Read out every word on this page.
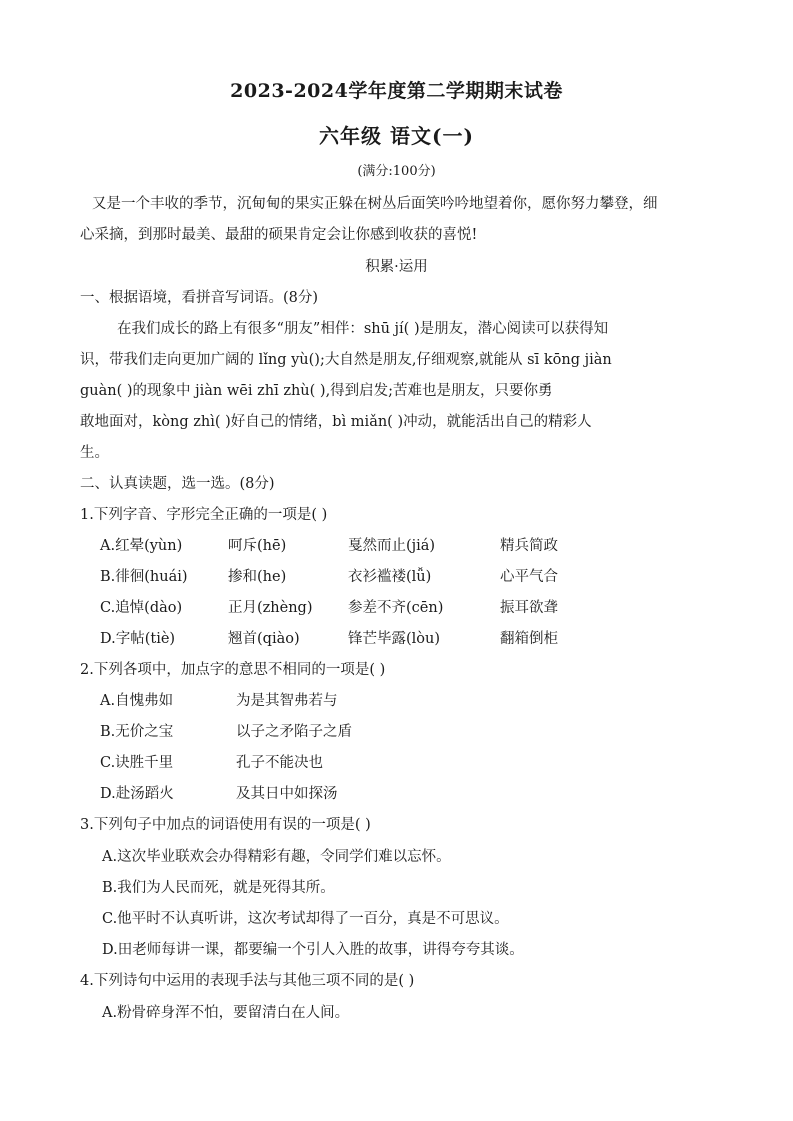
2023-2024学年度第二学期期末试卷
六年级 语文(一)
(满分:100分)
又是一个丰收的季节，沉甸甸的果实正躲在树丛后面笑吟吟地望着你，愿你努力攀登，细
心采摘，到那时最美、最甜的硕果肯定会让你感到收获的喜悦!
积累·运用
一、根据语境，看拼音写词语。(8分)
在我们成长的路上有很多“朋友”相伴：shū jí( )是朋友，潜心阅读可以获得知
识，带我们走向更加广阔的 lǐng yù();大自然是朋友,仔细观察,就能从 sī kōng jiàn
guàn( )的现象中 jiàn wēi zhī zhù( ),得到启发;苦难也是朋友，只要你勇
敢地面对，kòng zhì( )好自己的情绪，bì miǎn( )冲动，就能活出自己的精彩人
生。
二、认真读题，选一选。(8分)
1.下列字音、字形完全正确的一项是( )
A.红晕(yùn)	呵斥(hē)	戛然而止(jiá)	精兵简政
B.徘徊(huái)	掺和(he)	衣衫褴褛(lǚ)	心平气合
C.追悼(dào)	正月(zhèng) 参差不齐(cēn)	振耳欲聋
D.字帖(tiè)	翘首(qiào)	锋芒毕露(lòu)	翻箱倒柜
2.下列各项中，加点字的意思不相同的一项是( )
A.自愧弗如	为是其智弗若与
B.无价之宝	以子之矛陷子之盾
C.诀胜千里	孔子不能决也
D.赴汤蹈火	及其日中如探汤
3.下列句子中加点的词语使用有误的一项是( )
A.这次毕业联欢会办得精彩有趣，令同学们难以忘怀。
B.我们为人民而死，就是死得其所。
C.他平时不认真听讲，这次考试却得了一百分，真是不可思议。
D.田老师每讲一课，都要编一个引人入胜的故事，讲得夸夸其谈。
4.下列诗句中运用的表现手法与其他三项不同的是( )
A.粉骨碎身浑不怕，要留清白在人间。
